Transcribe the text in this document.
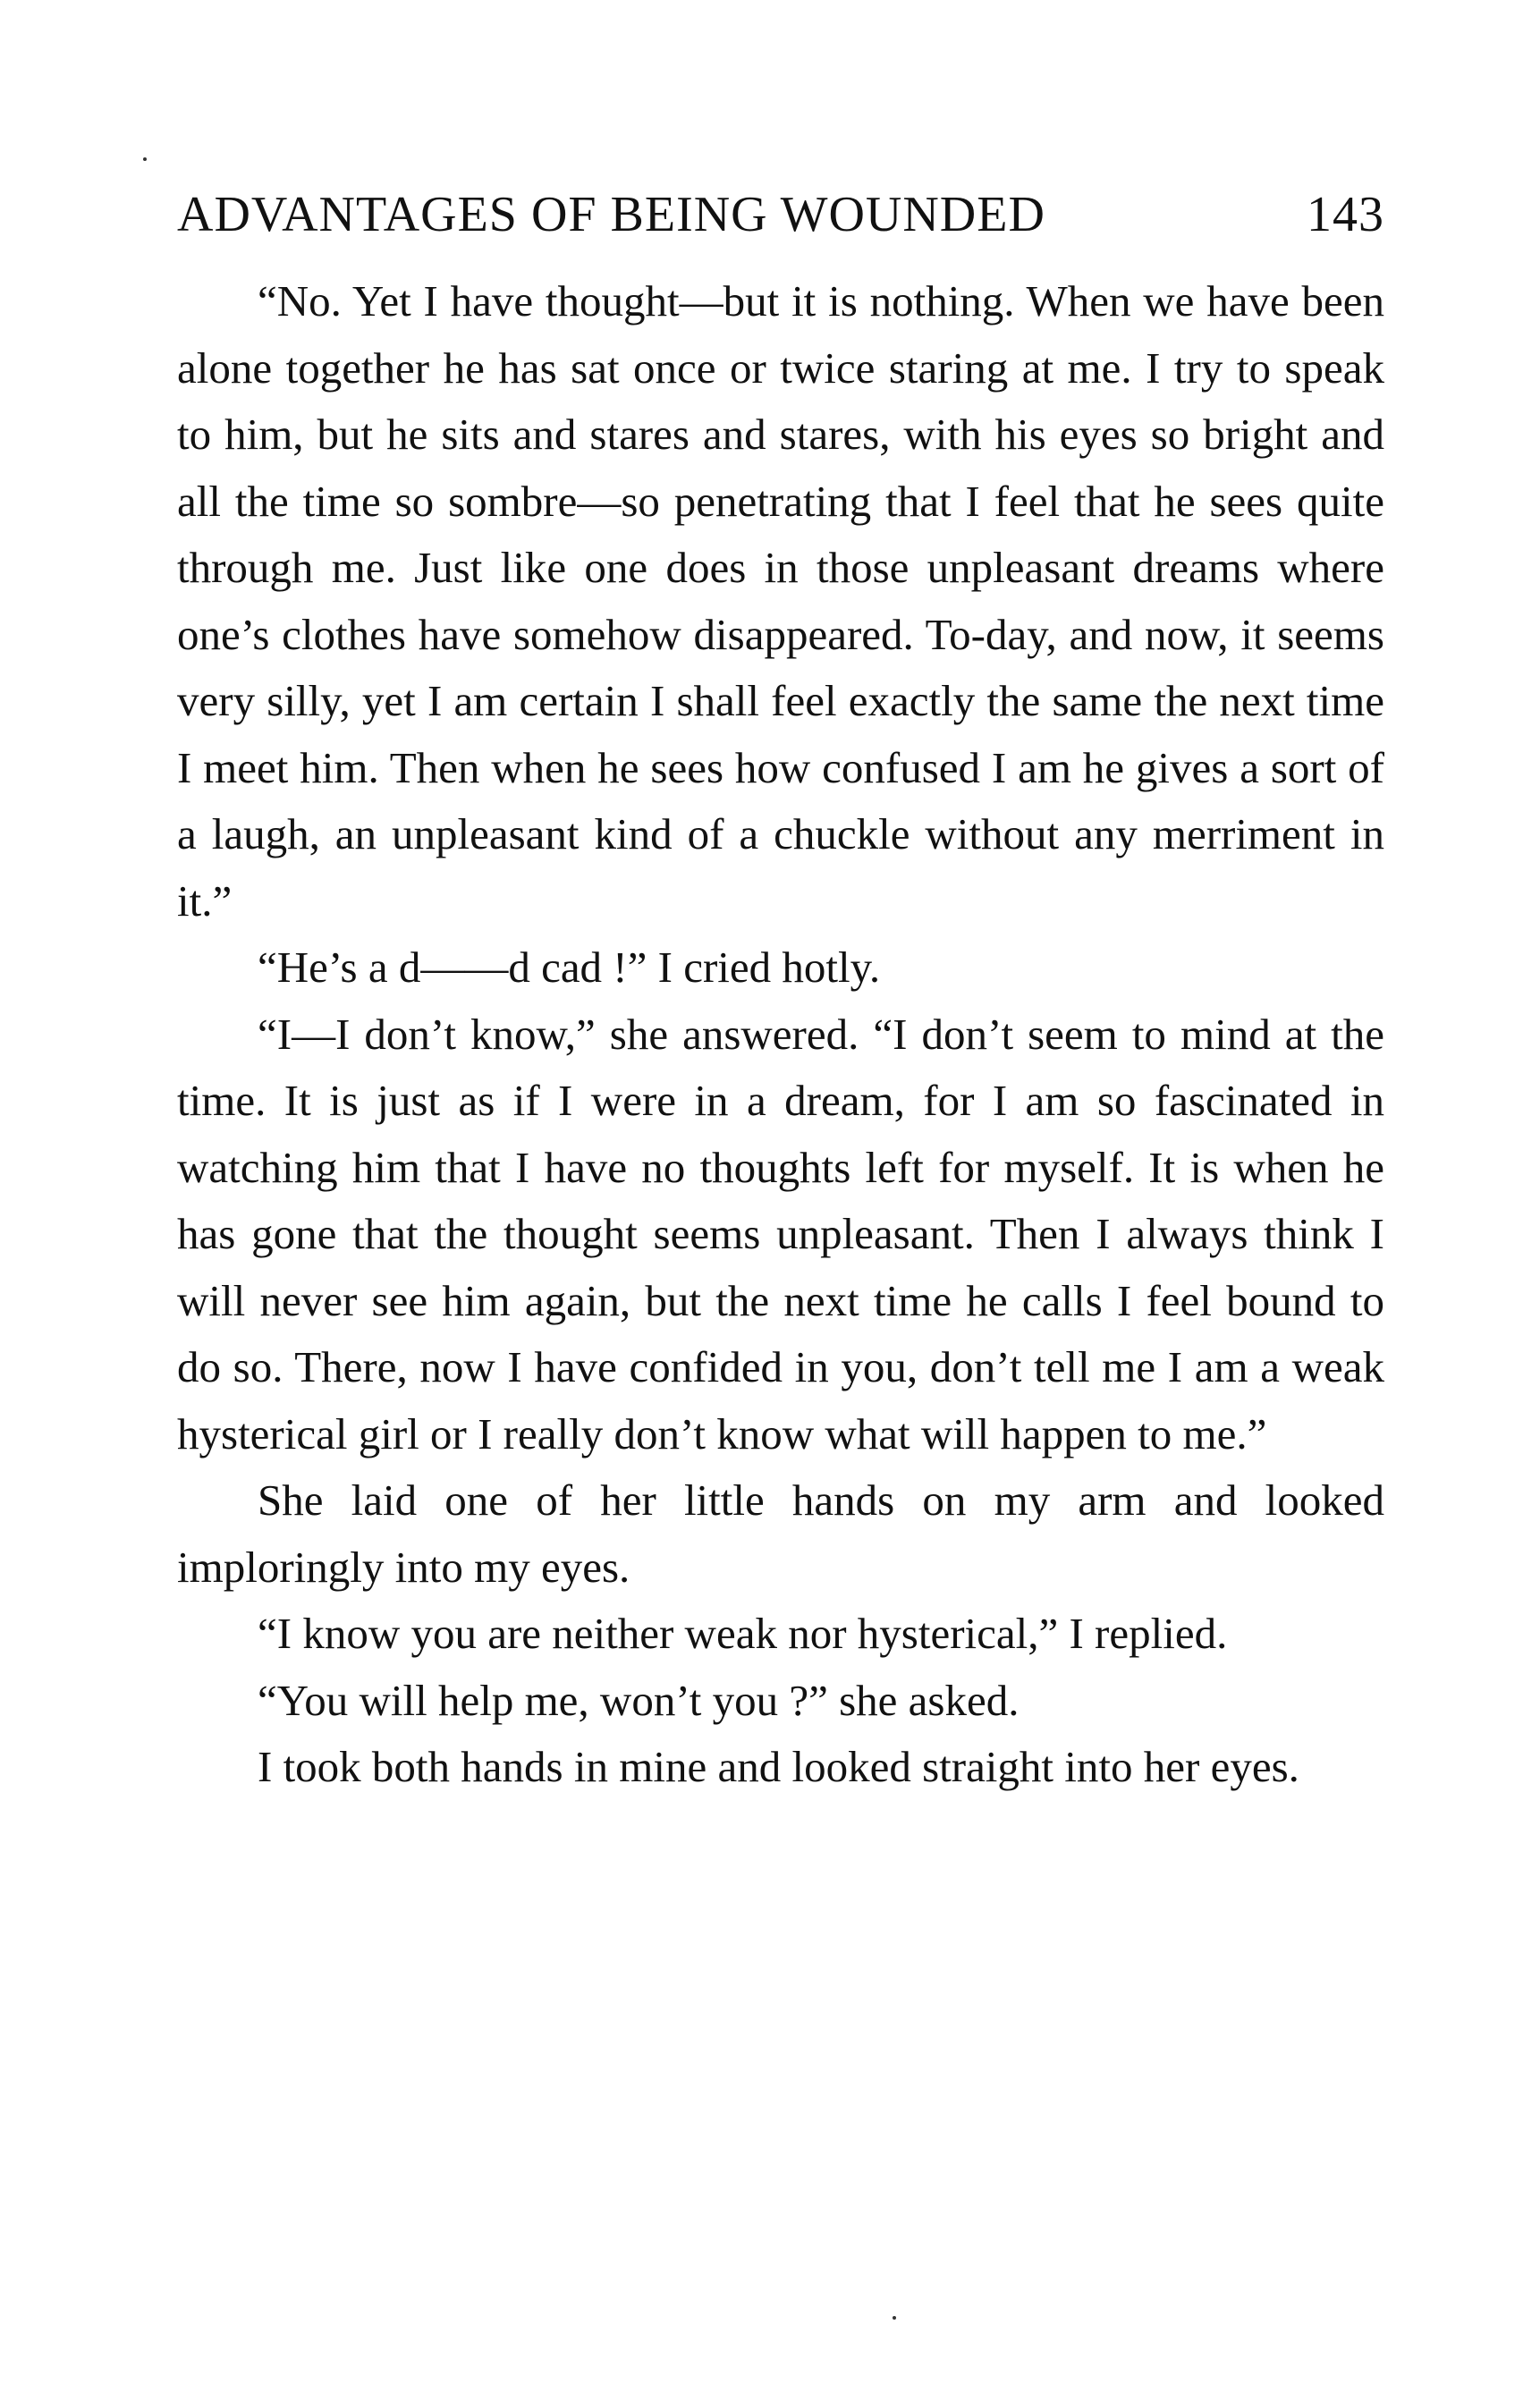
ADVANTAGES OF BEING WOUNDED	143

“No. Yet I have thought—but it is nothing. When we have been alone together he has sat once or twice staring at me. I try to speak to him, but he sits and stares and stares, with his eyes so bright and all the time so sombre—so penetrating that I feel that he sees quite through me. Just like one does in those unpleasant dreams where one’s clothes have somehow disappeared. To-day, and now, it seems very silly, yet I am certain I shall feel exactly the same the next time I meet him. Then when he sees how confused I am he gives a sort of a laugh, an unpleasant kind of a chuckle without any merriment in it.”

“He’s a d——d cad !” I cried hotly.

“I—I don’t know,” she answered. “I don’t seem to mind at the time. It is just as if I were in a dream, for I am so fascinated in watching him that I have no thoughts left for myself. It is when he has gone that the thought seems unpleasant. Then I always think I will never see him again, but the next time he calls I feel bound to do so. There, now I have confided in you, don’t tell me I am a weak hysterical girl or I really don’t know what will happen to me.”

She laid one of her little hands on my arm and looked imploringly into my eyes.

“I know you are neither weak nor hysterical,” I replied.

“You will help me, won’t you ?” she asked.

I took both hands in mine and looked straight into her eyes.
